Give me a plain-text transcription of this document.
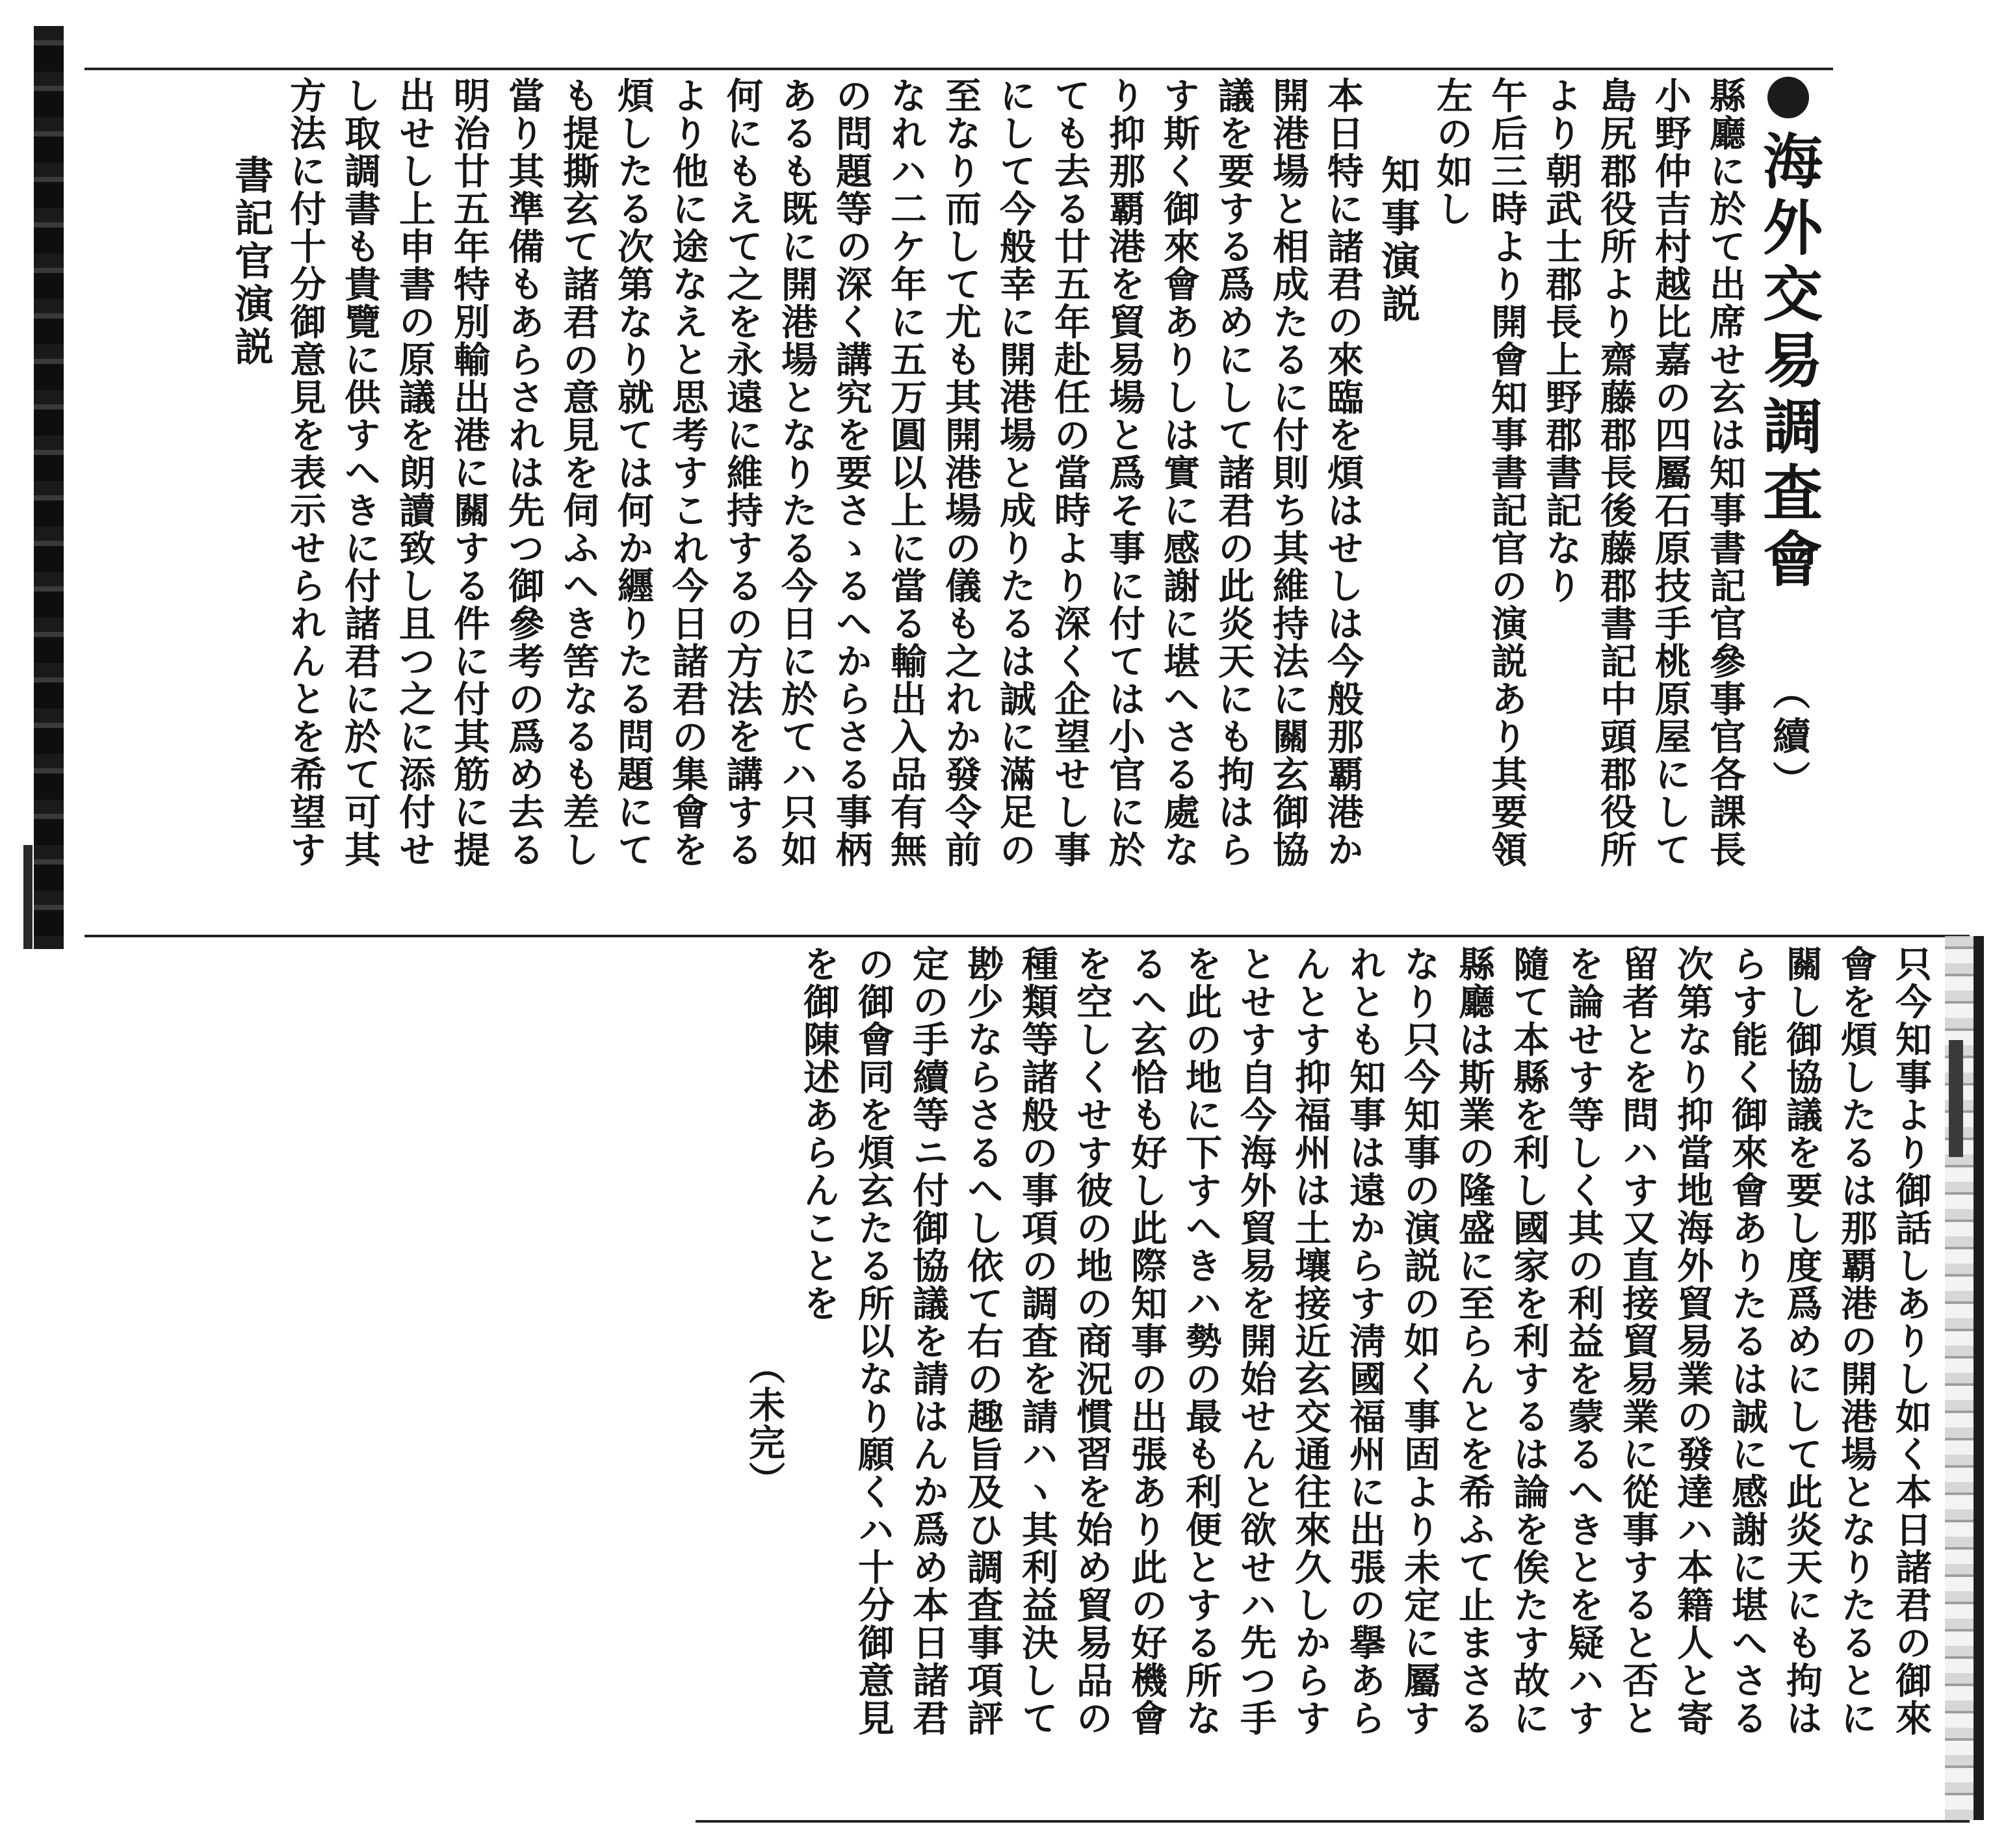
海外交易調査會（續）

縣廳に於て出席せ玄は知事書記官參事官各課長

小野仲吉村越比嘉の四屬石原技手桃原屋にして

島尻郡役所より齋藤郡長後藤郡書記中頭郡役所

より朝武士郡長上野郡書記なり

午后三時より開會知事書記官の演説あり其要領

左の如し

知事演説

本日特に諸君の來臨を煩はせしは今般那覇港か

開港場と相成たるに付則ち其維持法に關玄御協

議を要する爲めにして諸君の此炎天にも拘はら

す斯く御來會ありしは實に感謝に堪へさる處な

り抑那覇港を貿易場と爲そ事に付ては小官に於

ても去る廿五年赴任の當時より深く企望せし事

にして今般幸に開港場と成りたるは誠に滿足の

至なり而して尤も其開港場の儀も之れか發令前

なれハ二ケ年に五万圓以上に當る輸出入品有無

の問題等の深く講究を要さゝるへからさる事柄

あるも既に開港場となりたる今日に於てハ只如

何にもえて之を永遠に維持するの方法を講する

より他に途なえと思考すこれ今日諸君の集會を

煩したる次第なり就ては何か纒りたる問題にて

も提撕玄て諸君の意見を伺ふへき筈なるも差し

當り其準備もあらされは先つ御參考の爲め去る

明治廿五年特別輸出港に關する件に付其筋に提

出せし上申書の原議を朗讀致し且つ之に添付せ

し取調書も貴覽に供すへきに付諸君に於て可其

方法に付十分御意見を表示せられんとを希望す

書記官演説

只今知事より御話しありし如く本日諸君の御來

會を煩したるは那覇港の開港場となりたるとに

關し御協議を要し度爲めにして此炎天にも拘は

らす能く御來會ありたるは誠に感謝に堪へさる

次第なり抑當地海外貿易業の發達ハ本籍人と寄

留者とを問ハす又直接貿易業に從事すると否と

を論せす等しく其の利益を蒙るへきとを疑ハす

隨て本縣を利し國家を利するは論を俟たす故に

縣廳は斯業の隆盛に至らんとを希ふて止まさる

なり只今知事の演説の如く事固より未定に屬す

れとも知事は遠からす淸國福州に出張の擧あら

んとす抑福州は土壤接近玄交通往來久しからす

とせす自今海外貿易を開始せんと欲せハ先つ手

を此の地に下すへきハ勢の最も利便とする所な

るへ玄恰も好し此際知事の出張あり此の好機會

を空しくせす彼の地の商況慣習を始め貿易品の

種類等諸般の事項の調査を請ハヽ其利益決して

尠少ならさるへし依て右の趣旨及ひ調査事項評

定の手續等ニ付御協議を請はんか爲め本日諸君

の御會同を煩玄たる所以なり願くハ十分御意見

を御陳述あらんことを

（未完）
